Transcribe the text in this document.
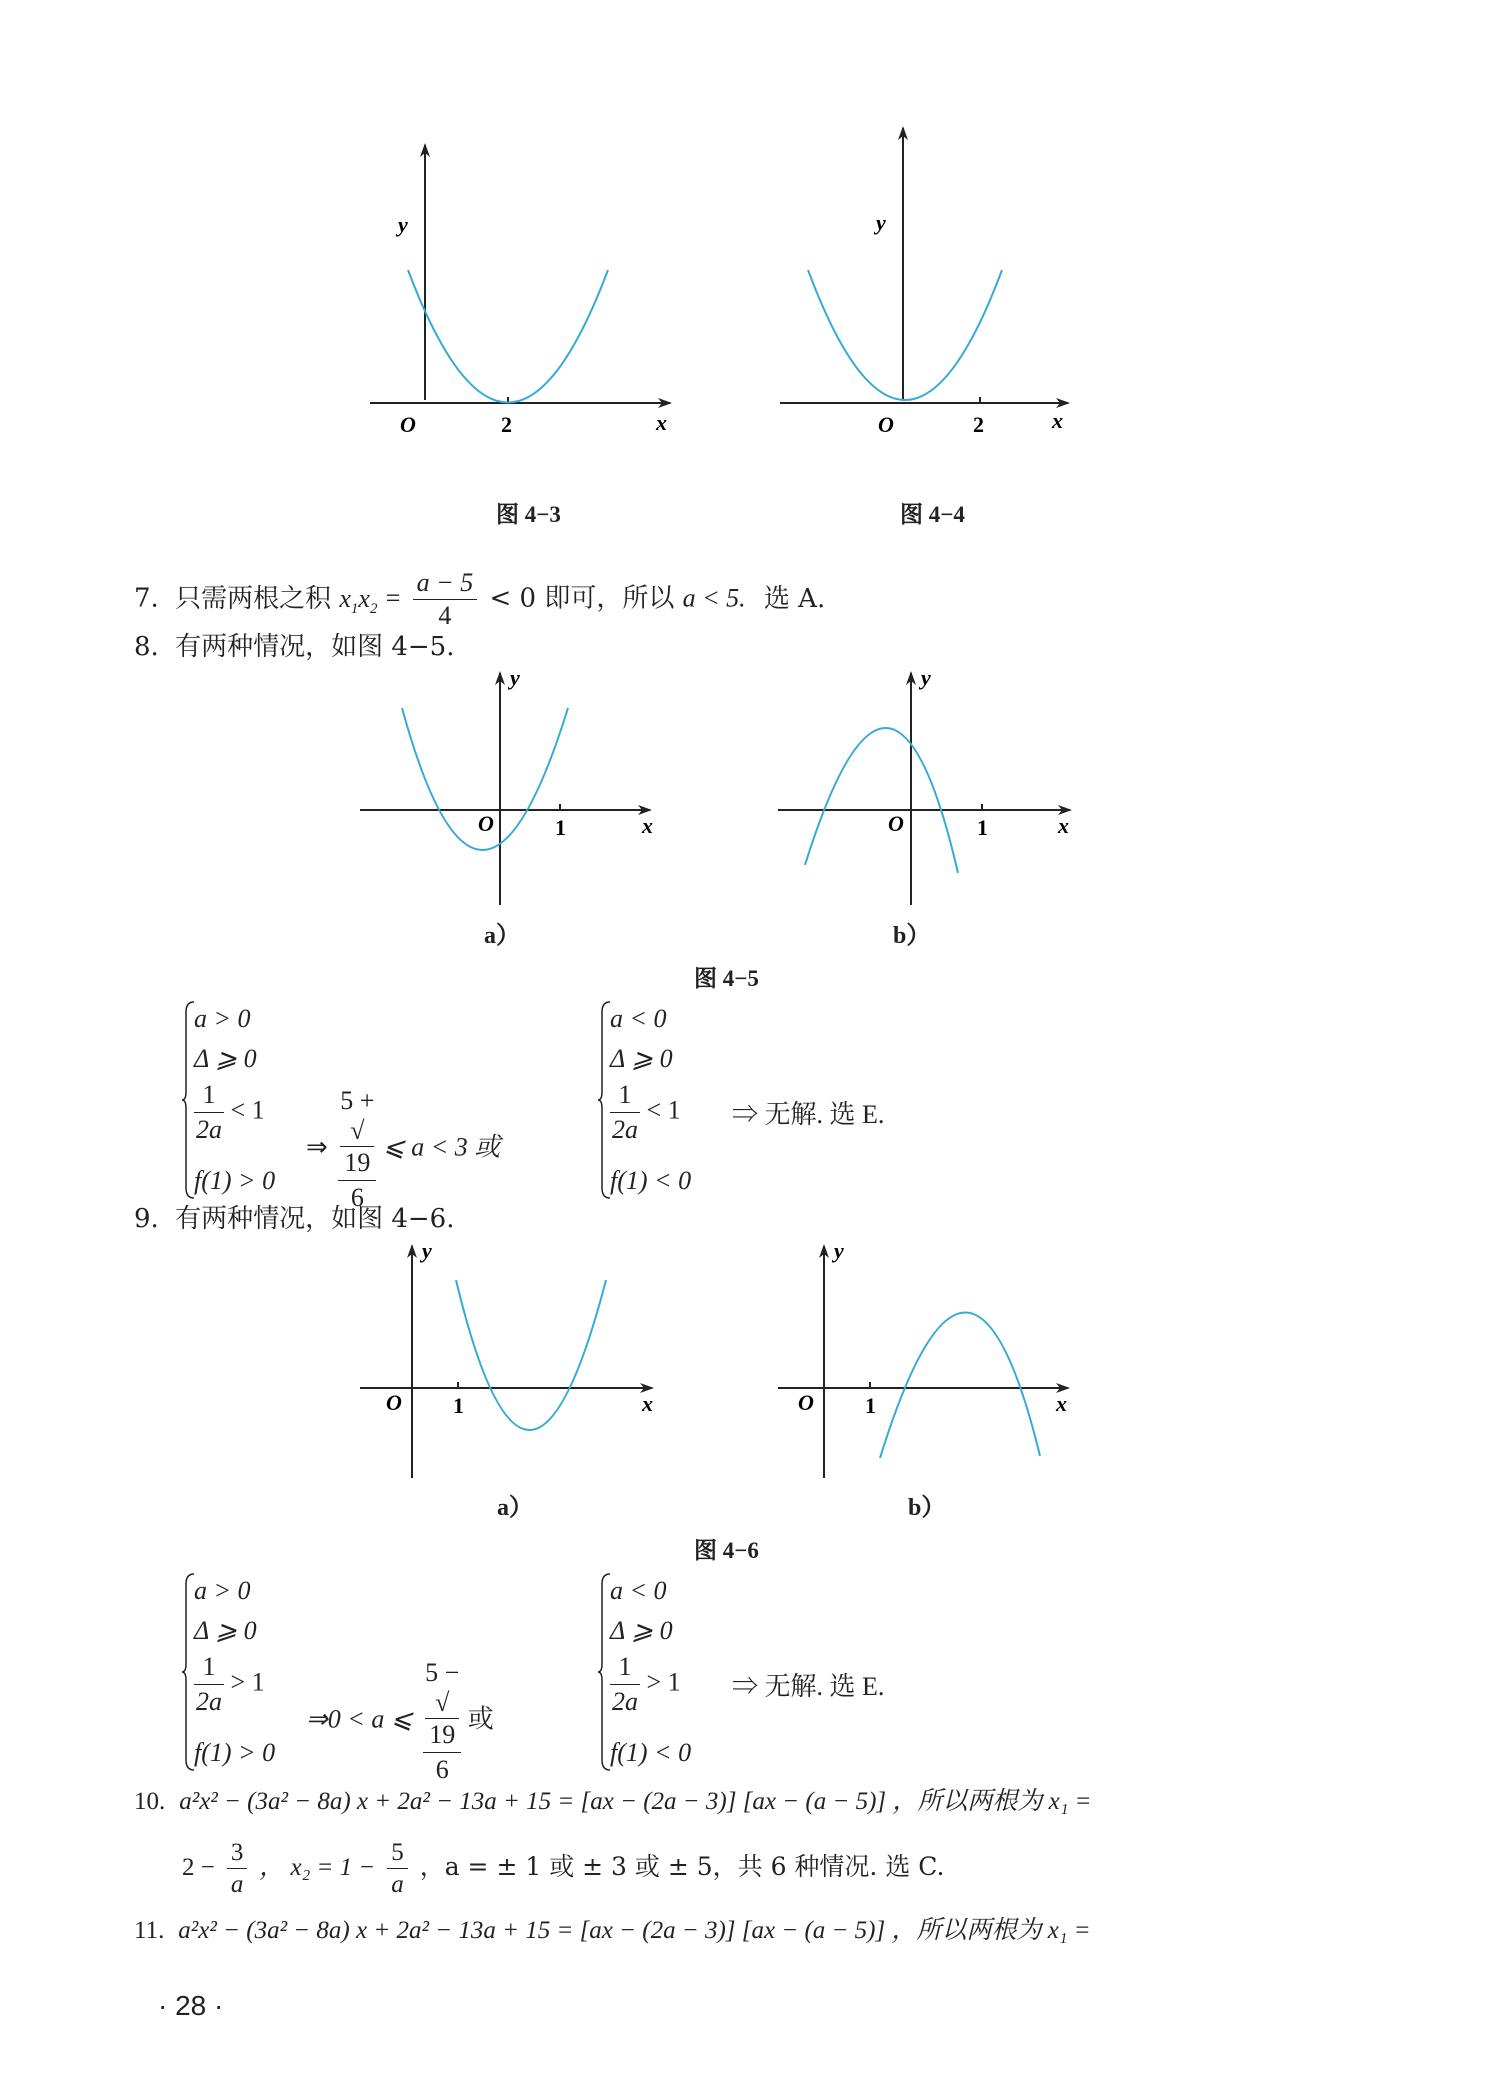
y
x
O	2
图 4−3
y
x
O	2
图 4−4
7. 只需两根之积 $x_1x_2 = \frac{a - 5}{4} < 0$ 即可，所以 a < 5. 选 A.
8. 有两种情况，如图 4−5.
y
x
O	1
a）
y
x
O	1
b）
图 4−5
a > 0
Δ ⩾ 0
$\frac{1}{2a} < 1$
f(1) > 0
⇒ 5 +
√
19
6 ⩽ a < 3 或
a < 0
Δ ⩾ 0
$\frac{1}{2a} < 1$
f(1) < 0
⇒ 无解. 选 E.
9. 有两种情况，如图 4−6.
y
x
O 1
a）
y
x
O 1
b）
图 4−6
a > 0
Δ ⩾ 0
$\frac{1}{2a} > 1$
f(1) > 0
⇒0 < a ⩽ 5 −
√
19
6 或
a < 0
Δ ⩾ 0
$\frac{1}{2a} > 1$
f(1) < 0
⇒ 无解. 选 E.
10. a²x² − (3a² − 8a) x + 2a² − 13a + 15 = [ax − (2a − 3)] [ax − (a − 5)] ，所以两根为 x₁ =
$2 - \frac{3}{a}$ ， $x_2 = 1 - \frac{5}{a}$ ，a = ± 1 或 ± 3 或 ± 5，共 6 种情况. 选 C.
11. a²x² − (3a² − 8a) x + 2a² − 13a + 15 = [ax − (2a − 3)] [ax − (a − 5)] ，所以两根为 x₁ =
· 28 ·
